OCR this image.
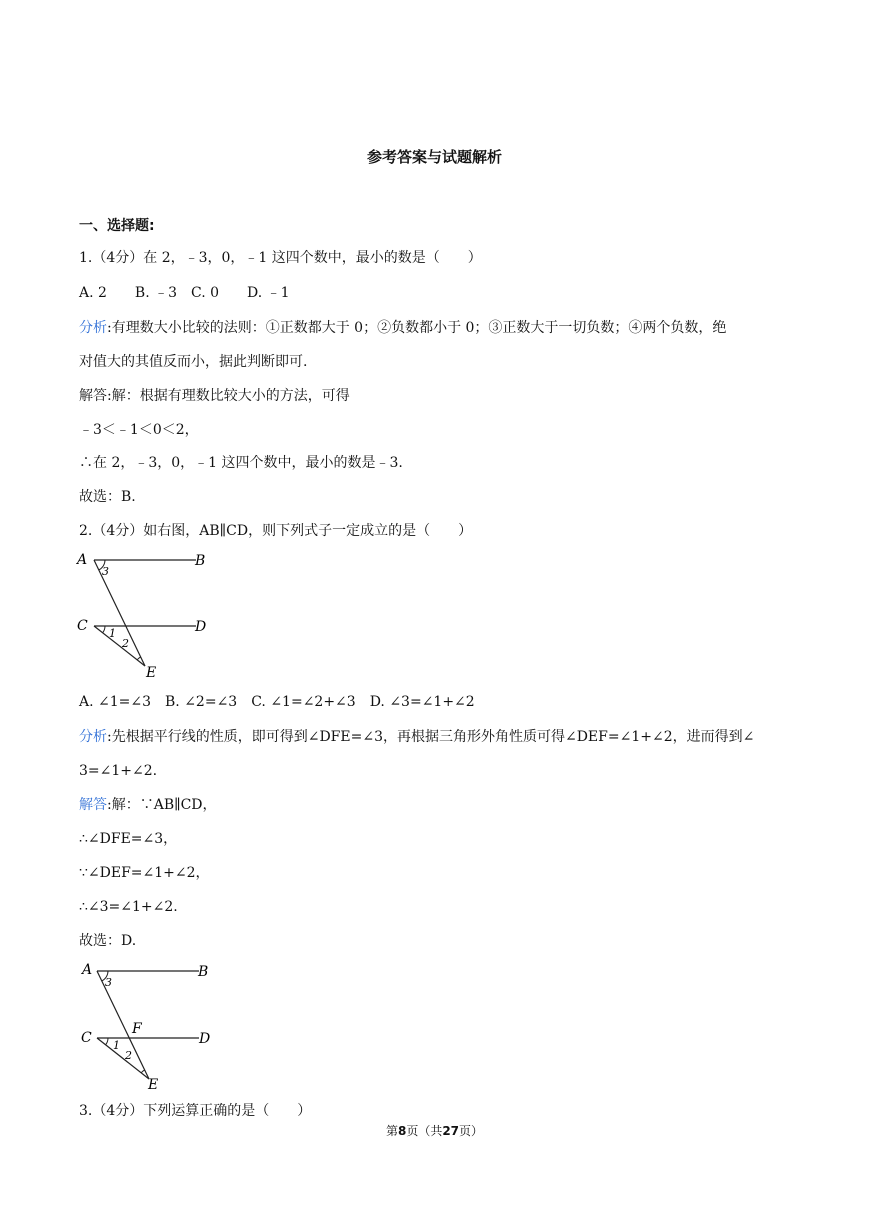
参考答案与试题解析
一、选择题:
1.（4分）在 2，﹣3，0，﹣1 这四个数中，最小的数是（　　）
A. 2　　B. ﹣3　C. 0　　D. ﹣1
分析:有理数大小比较的法则：①正数都大于 0；②负数都小于 0；③正数大于一切负数；④两个负数，绝
对值大的其值反而小，据此判断即可.
解答:解：根据有理数比较大小的方法，可得
﹣3＜﹣1＜0＜2，
∴在 2，﹣3，0，﹣1 这四个数中，最小的数是﹣3.
故选：B.
2.（4分）如右图，AB∥CD，则下列式子一定成立的是（　　）
A	B
C	D
E
3
1
2
A. ∠1=∠3　B. ∠2=∠3　C. ∠1=∠2+∠3　D. ∠3=∠1+∠2
分析:先根据平行线的性质，即可得到∠DFE=∠3，再根据三角形外角性质可得∠DEF=∠1+∠2，进而得到∠
3=∠1+∠2.
解答:解：∵AB∥CD，
∴∠DFE=∠3，
∵∠DEF=∠1+∠2，
∴∠3=∠1+∠2.
故选：D.
A	B
C	D
F
E
3
1
2
3.（4分）下列运算正确的是（　　）
第8页（共27页）
